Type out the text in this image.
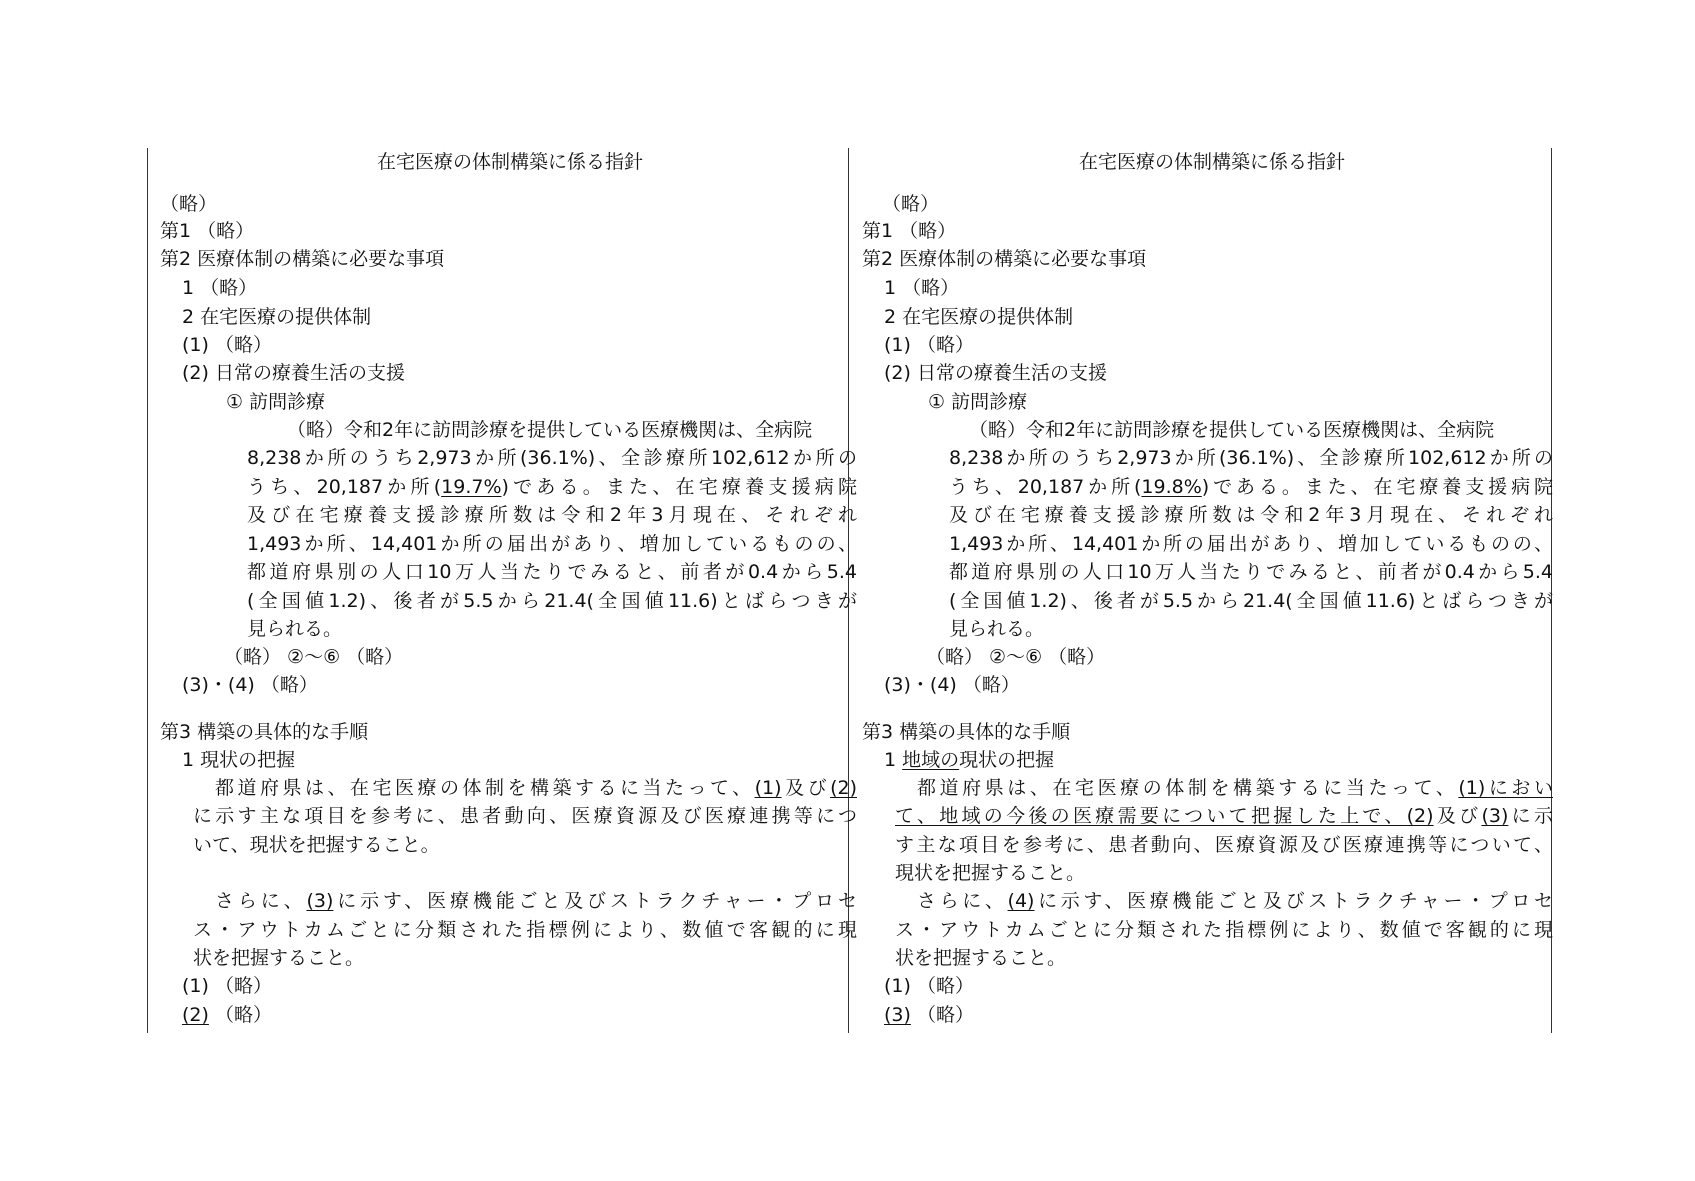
在宅医療の体制構築に係る指針
（略）
第1 （略）
第2 医療体制の構築に必要な事項
1 （略）
2 在宅医療の提供体制
(1) （略）
(2) 日常の療養生活の支援
① 訪問診療
（略）令和2年に訪問診療を提供している医療機関は、全病院
8,238か所のうち2,973か所(36.1%)、全診療所102,612か所の
うち、20,187か所(19.7%)である。また、在宅療養支援病院
及び在宅療養支援診療所数は令和2年3月現在、それぞれ
1,493か所、14,401か所の届出があり、増加しているものの、
都道府県別の人口10万人当たりでみると、前者が0.4から5.4
(全国値1.2)、後者が5.5から21.4(全国値11.6)とばらつきが
見られる。
（略） ②～⑥ （略）
(3)・(4) （略）
第3 構築の具体的な手順
1 現状の把握
都道府県は、在宅医療の体制を構築するに当たって、(1)及び(2)
に示す主な項目を参考に、患者動向、医療資源及び医療連携等につ
いて、現状を把握すること。
さらに、(3)に示す、医療機能ごと及びストラクチャー・プロセ
ス・アウトカムごとに分類された指標例により、数値で客観的に現
状を把握すること。
(1) （略）
(2) （略）
在宅医療の体制構築に係る指針
（略）
第1 （略）
第2 医療体制の構築に必要な事項
1 （略）
2 在宅医療の提供体制
(1) （略）
(2) 日常の療養生活の支援
① 訪問診療
（略）令和2年に訪問診療を提供している医療機関は、全病院
8,238か所のうち2,973か所(36.1%)、全診療所102,612か所の
うち、20,187か所(19.8%)である。また、在宅療養支援病院
及び在宅療養支援診療所数は令和2年3月現在、それぞれ
1,493か所、14,401か所の届出があり、増加しているものの、
都道府県別の人口10万人当たりでみると、前者が0.4から5.4
(全国値1.2)、後者が5.5から21.4(全国値11.6)とばらつきが
見られる。
（略） ②～⑥ （略）
(3)・(4) （略）
第3 構築の具体的な手順
1 地域の現状の把握
都道府県は、在宅医療の体制を構築するに当たって、(1)におい
て、地域の今後の医療需要について把握した上で、(2)及び(3)に示
す主な項目を参考に、患者動向、医療資源及び医療連携等について、
現状を把握すること。
さらに、(4)に示す、医療機能ごと及びストラクチャー・プロセ
ス・アウトカムごとに分類された指標例により、数値で客観的に現
状を把握すること。
(1) （略）
(3) （略）
